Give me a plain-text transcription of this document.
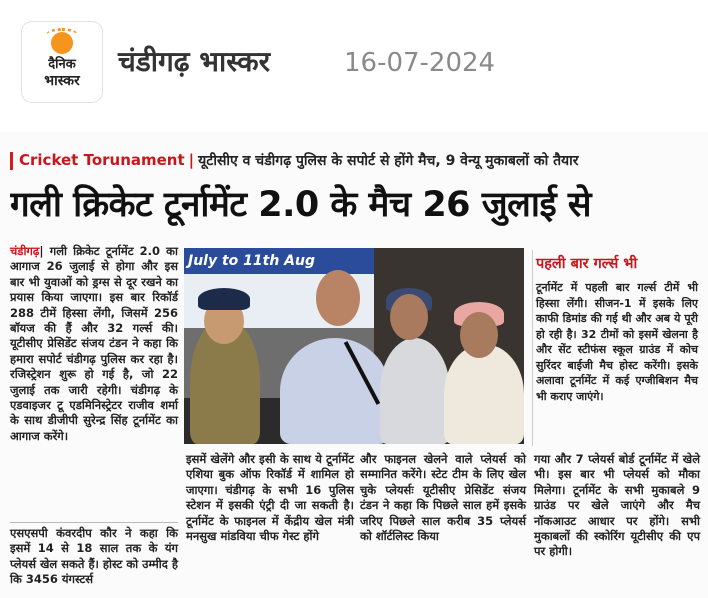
दैनिक
भास्कर
चंडीगढ़ भास्कर	16-07-2024
Cricket Torunament | यूटीसीए व चंडीगढ़ पुलिस के सपोर्ट से होंगे मैच, 9 वेन्यू मुकाबलों को तैयार
गली क्रिकेट टूर्नामेंट 2.0 के मैच 26 जुलाई से
चंडीगढ़| गली क्रिकेट टूर्नामेंट 2.0 का आगाज 26 जुलाई से होगा और इस बार भी युवाओं को ड्रग्स से दूर रखने का प्रयास किया जाएगा। इस बार रिकॉर्ड 288 टीमें हिस्सा लेंगी, जिसमें 256 बॉयज की हैं और 32 गर्ल्स की। यूटीसीए प्रेसिडेंट संजय टंडन ने कहा कि हमारा सपोर्ट चंडीगढ़ पुलिस कर रहा है। रजिस्ट्रेशन शुरू हो गई है, जो 22 जुलाई तक जारी रहेगी। चंडीगढ़ के एडवाइजर टू एडमिनिस्ट्रेटर राजीव शर्मा के साथ डीजीपी सुरेन्द्र सिंह टूर्नामेंट का आगाज करेंगे।
एसएसपी कंवरदीप कौर ने कहा कि इसमें 14 से 18 साल तक के यंग प्लेयर्स खेल सकते हैं। होस्ट को उम्मीद है कि 3456 यंगस्टर्स
इसमें खेलेंगे और इसी के साथ ये टूर्नामेंट एशिया बुक ऑफ रिकॉर्ड में शामिल हो जाएगा। चंडीगढ़ के सभी 16 पुलिस स्टेशन में इसकी एंट्री दी जा सकती है। टूर्नामेंट के फाइनल में केंद्रीय खेल मंत्री मनसुख मांडविया चीफ गेस्ट होंगे
और फाइनल खेलने वाले प्लेयर्स को सम्मानित करेंगे। स्टेट टीम के लिए खेल चुके प्लेयर्सः यूटीसीए प्रेसिडेंट संजय टंडन ने कहा कि पिछले साल हमें इसके जरिए पिछले साल करीब 35 प्लेयर्स को शॉर्टलिस्ट किया
गया और 7 प्लेयर्स बोर्ड टूर्नामेंट में खेले भी। इस बार भी प्लेयर्स को मौका मिलेगा। टूर्नामेंट के सभी मुकाबले 9 ग्राउंड पर खेले जाएंगे और मैच नॉकआउट आधार पर होंगे। सभी मुकाबलों की स्कोरिंग यूटीसीए की एप पर होगी।
July to 11th Aug	पहली बार गर्ल्स भी
टूर्नामेंट में पहली बार गर्ल्स टीमें भी हिस्सा लेंगी। सीजन-1 में इसके लिए काफी डिमांड की गई थी और अब ये पूरी हो रही है। 32 टीमों को इसमें खेलना है और सेंट स्टीफंस स्कूल ग्राउंड में कोच सुरिंदर बाईजी मैच होस्ट करेंगी। इसके अलावा टूर्नामेंट में कई एग्जीबिशन मैच भी कराए जाएंगे।
